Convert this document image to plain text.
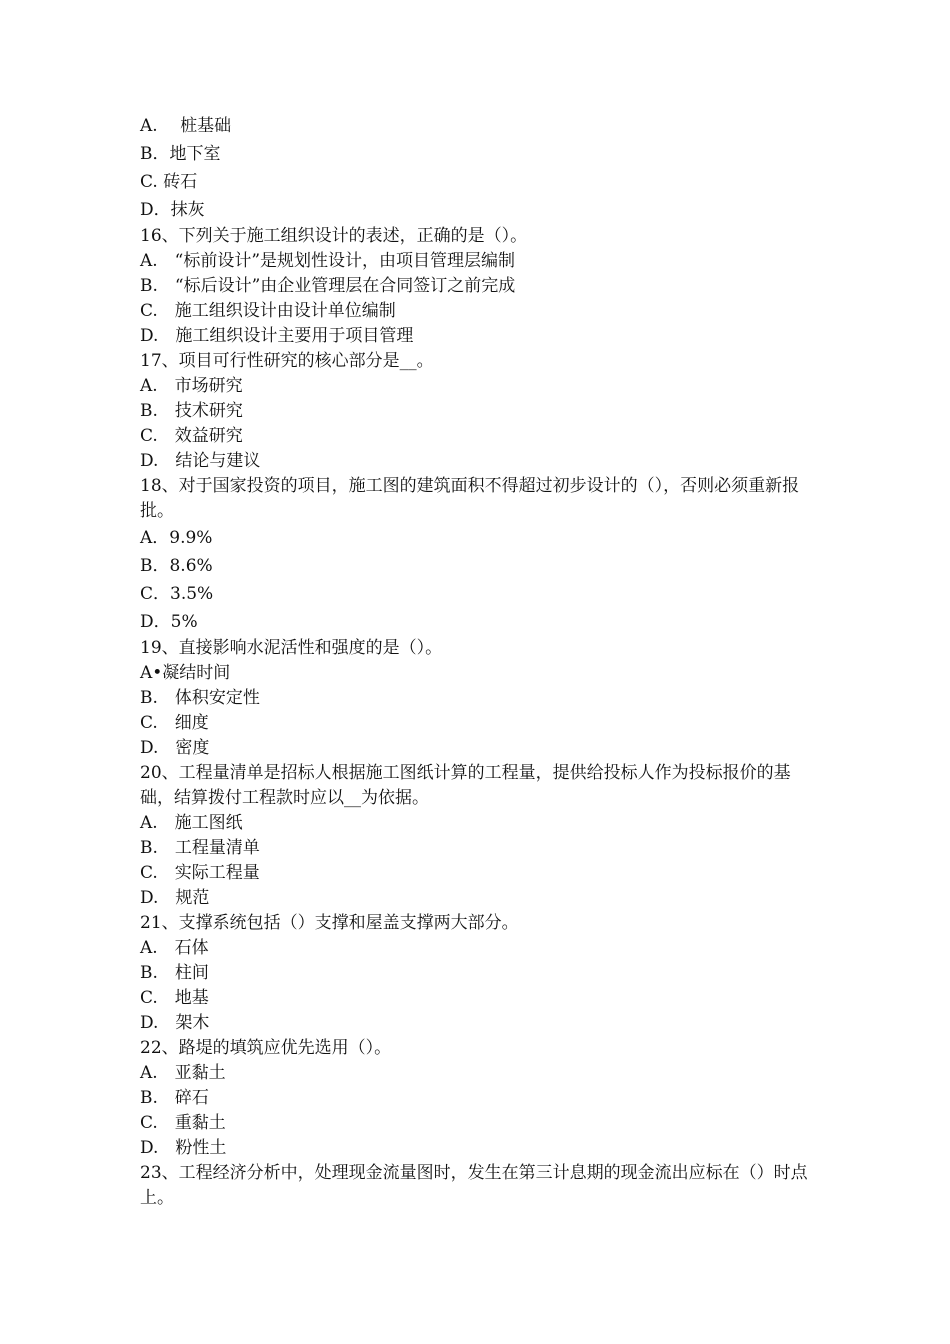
A.　 桩基础

B．地下室

C. 砖石

D．抹灰

16、下列关于施工组织设计的表述，正确的是（）。

A.　“标前设计”是规划性设计，由项目管理层编制

B.　“标后设计”由企业管理层在合同签订之前完成

C.　施工组织设计由设计单位编制

D.　施工组织设计主要用于项目管理

17、项目可行性研究的核心部分是__。

A.　市场研究

B.　技术研究

C.　效益研究

D.　结论与建议

18、对于国家投资的项目，施工图的建筑面积不得超过初步设计的（），否则必须重新报批。

A．9.9%

B．8.6%

C．3.5%

D．5%

19、直接影响水泥活性和强度的是（）。

A•凝结时间

B.　体积安定性

C.　细度

D.　密度

20、工程量清单是招标人根据施工图纸计算的工程量，提供给投标人作为投标报价的基础，结算拨付工程款时应以__为依据。

A.　施工图纸

B.　工程量清单

C.　实际工程量

D.　规范

21、支撑系统包括（）支撑和屋盖支撑两大部分。

A.　石体

B.　柱间

C.　地基

D.　架木

22、路堤的填筑应优先选用（）。

A.　亚黏土

B.　碎石

C.　重黏土

D.　粉性土

23、工程经济分析中，处理现金流量图时，发生在第三计息期的现金流出应标在（）时点上。
